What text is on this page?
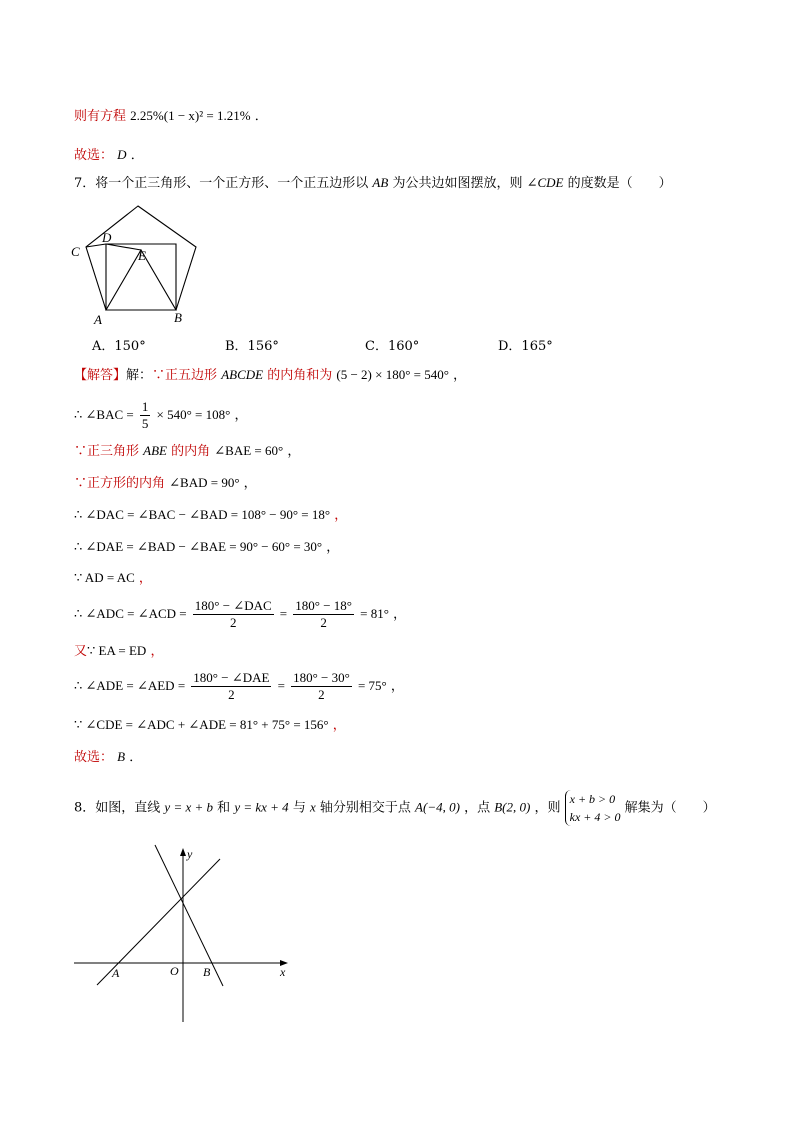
则有方程 2.25%(1 − x)² = 1.21% ．
故选： D ．
7．将一个正三角形、一个正方形、一个正五边形以 AB 为公共边如图摆放，则 ∠CDE 的度数是（　　）
C
D
E
A	B
A．150°	B．156°	C．160°	D．165°
【解答】解：∵正五边形 ABCDE 的内角和为 (5 − 2) × 180° = 540° ，
∴ ∠BAC = $\frac{1}{5} \times 540^\circ = 108^\circ$ ，
∵正三角形 ABE 的内角 ∠BAE = 60° ，
∵正方形的内角 ∠BAD = 90° ，
∴ ∠DAC = ∠BAC − ∠BAD = 108° − 90° = 18° ，
∴ ∠DAE = ∠BAD − ∠BAE = 90° − 60° = 30° ，
∵ AD = AC ，
∴ ∠ADC = ∠ACD = $\frac{\text{180° − ∠DAC}}{2} = \frac{180^\circ - 18^\circ}{2} = 81^\circ$ ，
又∵ EA = ED ，
∴ ∠ADE = ∠AED = $\frac{\text{180° − ∠DAE}}{2} = \frac{180^\circ - 30^\circ}{2} = 75^\circ$ ，
∵ ∠CDE = ∠ADC + ∠ADE = 81° + 75° = 156° ，
故选： B ．
8．如图，直线 y = x + b 和 y = kx + 4 与 x 轴分别相交于点 A(−4, 0) ，点 B(2, 0) ，则
x + b > 0
kx + 4 > 0
解集为（　　）
y
x
O
A	B
